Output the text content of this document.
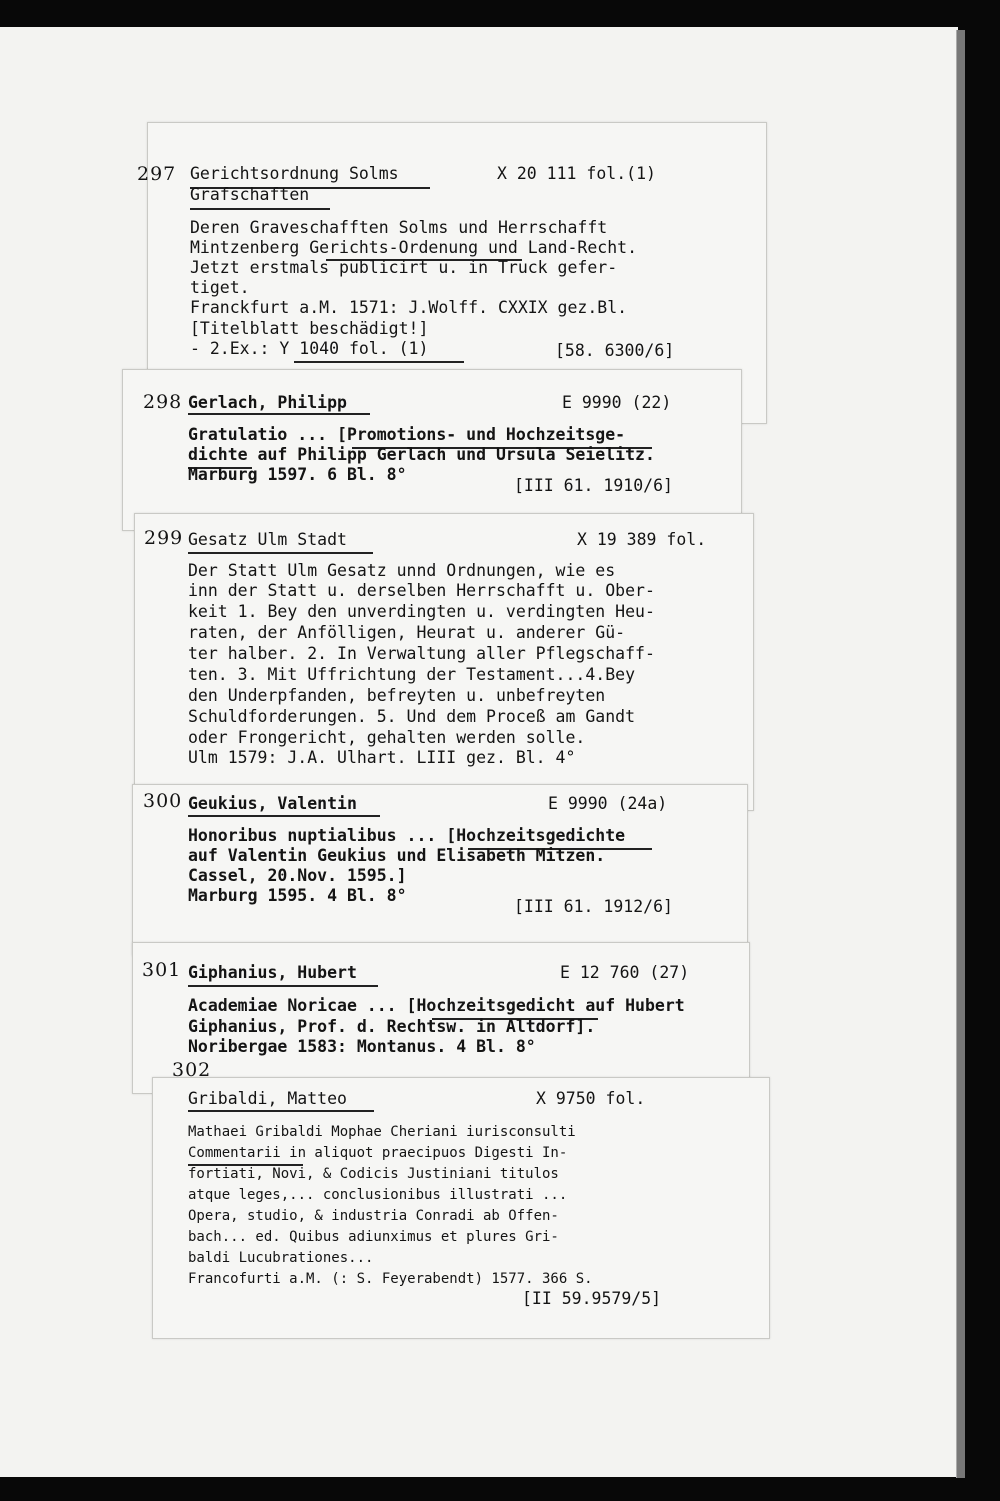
297 Gerichtsordnung Solms
Grafschaften
X 20 111 fol.(1)
Deren Graveschafften Solms und Herrschafft
Mintzenberg Gerichts-Ordenung und Land-Recht.
Jetzt erstmals publicirt u. in Truck gefer-
tiget.
Franckfurt a.M. 1571: J.Wolff. CXXIX gez.Bl.
[Titelblatt beschädigt!]
- 2.Ex.: Y 1040 fol. (1)	[58. 6300/6]
298 Gerlach, Philipp	E 9990 (22)
Gratulatio ... [Promotions- und Hochzeitsge-
dichte auf Philipp Gerlach und Ursula Seielitz.
Marburg 1597. 6 Bl. 8°
[III 61. 1910/6]
299 Gesatz Ulm Stadt	X 19 389 fol.
Der Statt Ulm Gesatz unnd Ordnungen, wie es
inn der Statt u. derselben Herrschafft u. Ober-
keit 1. Bey den unverdingten u. verdingten Heu-
raten, der Anfölligen, Heurat u. anderer Gü-
ter halber. 2. In Verwaltung aller Pflegschaff-
ten. 3. Mit Uffrichtung der Testament...4.Bey
den Underpfanden, befreyten u. unbefreyten
Schuldforderungen. 5. Und dem Proceß am Gandt
oder Frongericht, gehalten werden solle.
Ulm 1579: J.A. Ulhart. LIII gez. Bl. 4°
300 Geukius, Valentin	E 9990 (24a)
Honoribus nuptialibus ... [Hochzeitsgedichte
auf Valentin Geukius und Elisabeth Mitzen.
Cassel, 20.Nov. 1595.]
Marburg 1595. 4 Bl. 8°
[III 61. 1912/6]
301 Giphanius, Hubert	E 12 760 (27)
Academiae Noricae ... [Hochzeitsgedicht auf Hubert
Giphanius, Prof. d. Rechtsw. in Altdorf].
Noribergae 1583: Montanus. 4 Bl. 8°
302
Gribaldi, Matteo	X 9750 fol.
Mathaei Gribaldi Mophae Cheriani iurisconsulti
Commentarii in aliquot praecipuos Digesti In-
fortiati, Novi, & Codicis Justiniani titulos
atque leges,... conclusionibus illustrati ...
Opera, studio, & industria Conradi ab Offen-
bach... ed. Quibus adiunximus et plures Gri-
baldi Lucubrationes...
Francofurti a.M. (: S. Feyerabendt) 1577. 366 S.
[II 59.9579/5]
